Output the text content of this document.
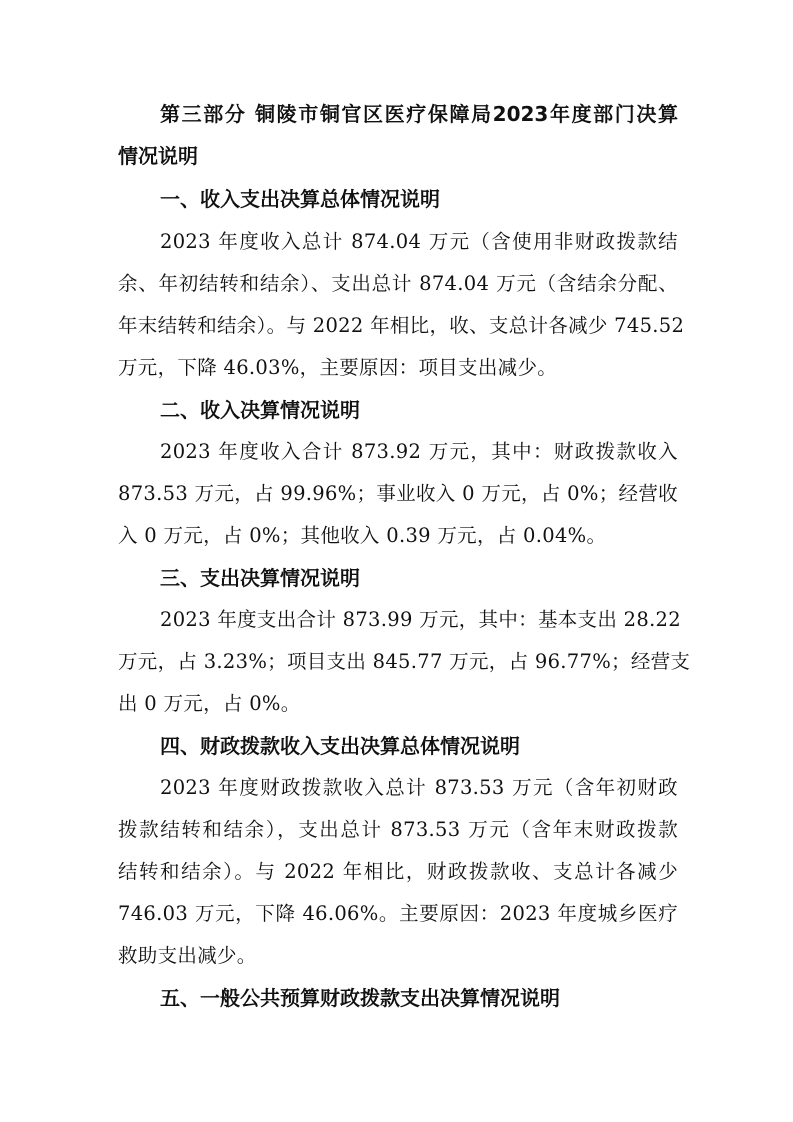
第三部分 铜陵市铜官区医疗保障局2023年度部门决算
情况说明
一、收入支出决算总体情况说明
2023 年度收入总计 874.04 万元（含使用非财政拨款结
余、年初结转和结余）、支出总计 874.04 万元（含结余分配、
年末结转和结余）。与 2022 年相比，收、支总计各减少 745.52
万元，下降 46.03%，主要原因：项目支出减少。
二、收入决算情况说明
2023 年度收入合计 873.92 万元，其中：财政拨款收入
873.53 万元，占 99.96%；事业收入 0 万元，占 0%；经营收
入 0 万元，占 0%；其他收入 0.39 万元，占 0.04%。
三、支出决算情况说明
2023 年度支出合计 873.99 万元，其中：基本支出 28.22
万元，占 3.23%；项目支出 845.77 万元，占 96.77%；经营支
出 0 万元，占 0%。
四、财政拨款收入支出决算总体情况说明
2023 年度财政拨款收入总计 873.53 万元（含年初财政
拨款结转和结余），支出总计 873.53 万元（含年末财政拨款
结转和结余）。与 2022 年相比，财政拨款收、支总计各减少
746.03 万元，下降 46.06%。主要原因：2023 年度城乡医疗
救助支出减少。
五、一般公共预算财政拨款支出决算情况说明
